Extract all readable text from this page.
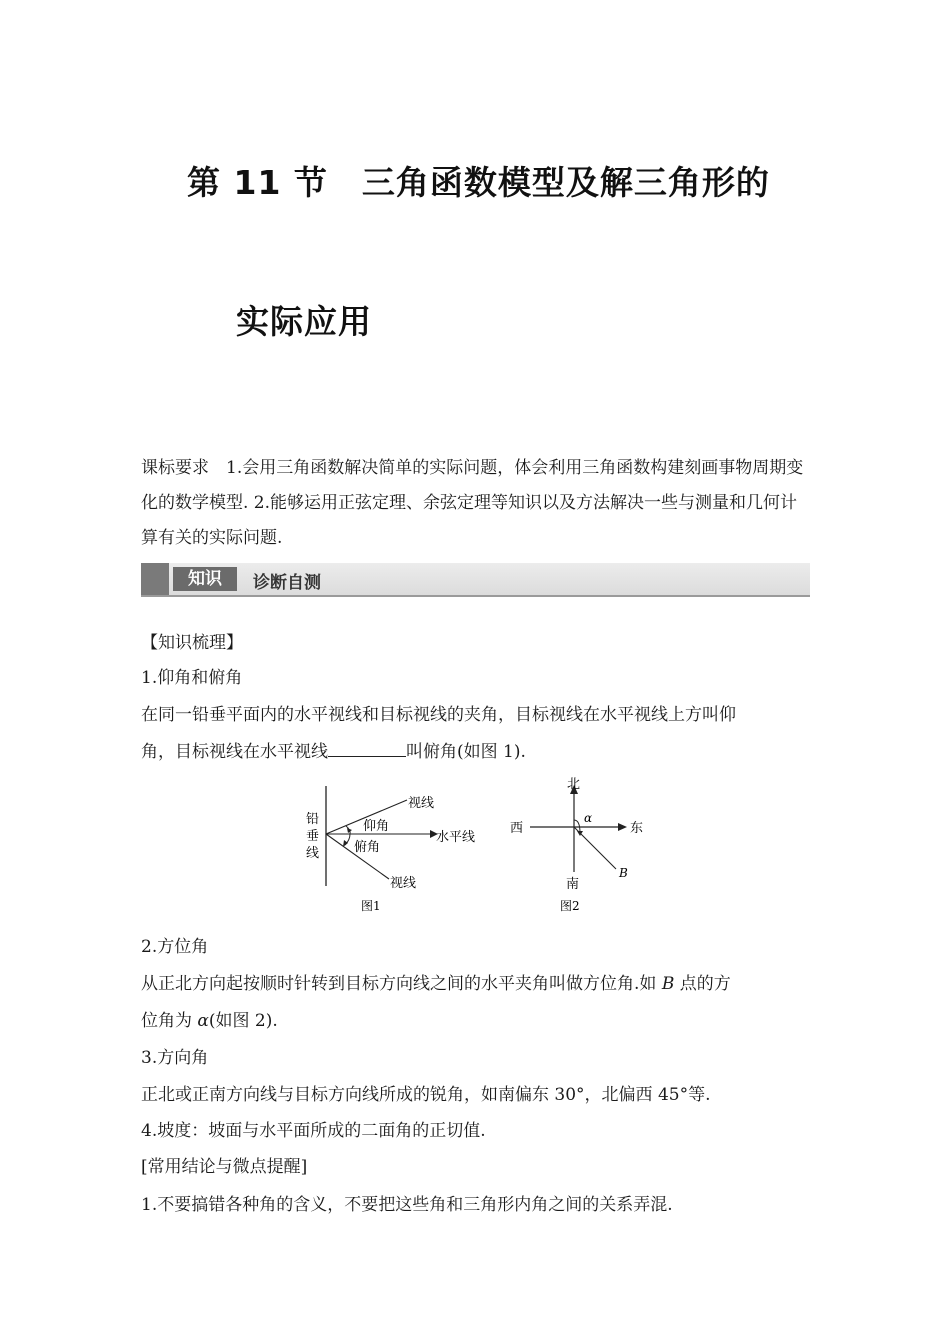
第 11 节　三角函数模型及解三角形的
实际应用
课标要求　1.会用三角函数解决简单的实际问题，体会利用三角函数构建刻画事物周期变化的数学模型. 2.能够运用正弦定理、余弦定理等知识以及方法解决一些与测量和几何计算有关的实际问题.
知识	诊断自测
【知识梳理】
1.仰角和俯角
在同一铅垂平面内的水平视线和目标视线的夹角，目标视线在水平视线上方叫仰
角，目标视线在水平视线	叫俯角(如图 1).
铅
垂
线
视线
仰角
水平线
俯角
视线
图1
北
西	东
南
α
B
图2
2.方位角
从正北方向起按顺时针转到目标方向线之间的水平夹角叫做方位角.如 B 点的方
位角为 α(如图 2).
3.方向角
正北或正南方向线与目标方向线所成的锐角，如南偏东 30°，北偏西 45°等.
4.坡度：坡面与水平面所成的二面角的正切值.
[常用结论与微点提醒]
1.不要搞错各种角的含义，不要把这些角和三角形内角之间的关系弄混.
